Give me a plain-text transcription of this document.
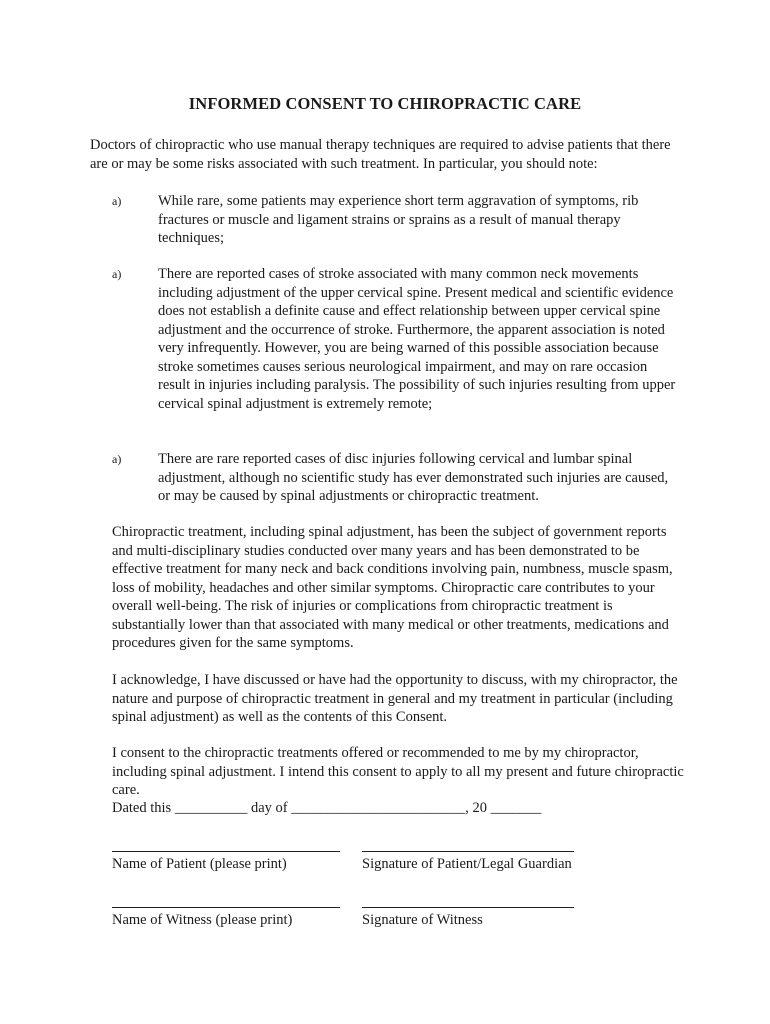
INFORMED CONSENT TO CHIROPRACTIC CARE
Doctors of chiropractic who use manual therapy techniques are required to advise patients that there are or may be some risks associated with such treatment. In particular, you should note:
a)	While rare, some patients may experience short term aggravation of symptoms, rib fractures or muscle and ligament strains or sprains as a result of manual therapy techniques;
a)	There are reported cases of stroke associated with many common neck movements including adjustment of the upper cervical spine. Present medical and scientific evidence does not establish a definite cause and effect relationship between upper cervical spine adjustment and the occurrence of stroke. Furthermore, the apparent association is noted very infrequently. However, you are being warned of this possible association because stroke sometimes causes serious neurological impairment, and may on rare occasion result in injuries including paralysis. The possibility of such injuries resulting from upper cervical spinal adjustment is extremely remote;
a)	There are rare reported cases of disc injuries following cervical and lumbar spinal adjustment, although no scientific study has ever demonstrated such injuries are caused, or may be caused by spinal adjustments or chiropractic treatment.
Chiropractic treatment, including spinal adjustment, has been the subject of government reports and multi-disciplinary studies conducted over many years and has been demonstrated to be effective treatment for many neck and back conditions involving pain, numbness, muscle spasm, loss of mobility, headaches and other similar symptoms. Chiropractic care contributes to your overall well-being. The risk of injuries or complications from chiropractic treatment is substantially lower than that associated with many medical or other treatments, medications and procedures given for the same symptoms.
I acknowledge, I have discussed or have had the opportunity to discuss, with my chiropractor, the nature and purpose of chiropractic treatment in general and my treatment in particular (including spinal adjustment) as well as the contents of this Consent.
I consent to the chiropractic treatments offered or recommended to me by my chiropractor, including spinal adjustment. I intend this consent to apply to all my present and future chiropractic care.
Dated this __________ day of ________________________, 20 _______
Name of Patient (please print)	Signature of Patient/Legal Guardian
Name of Witness (please print)	Signature of Witness
